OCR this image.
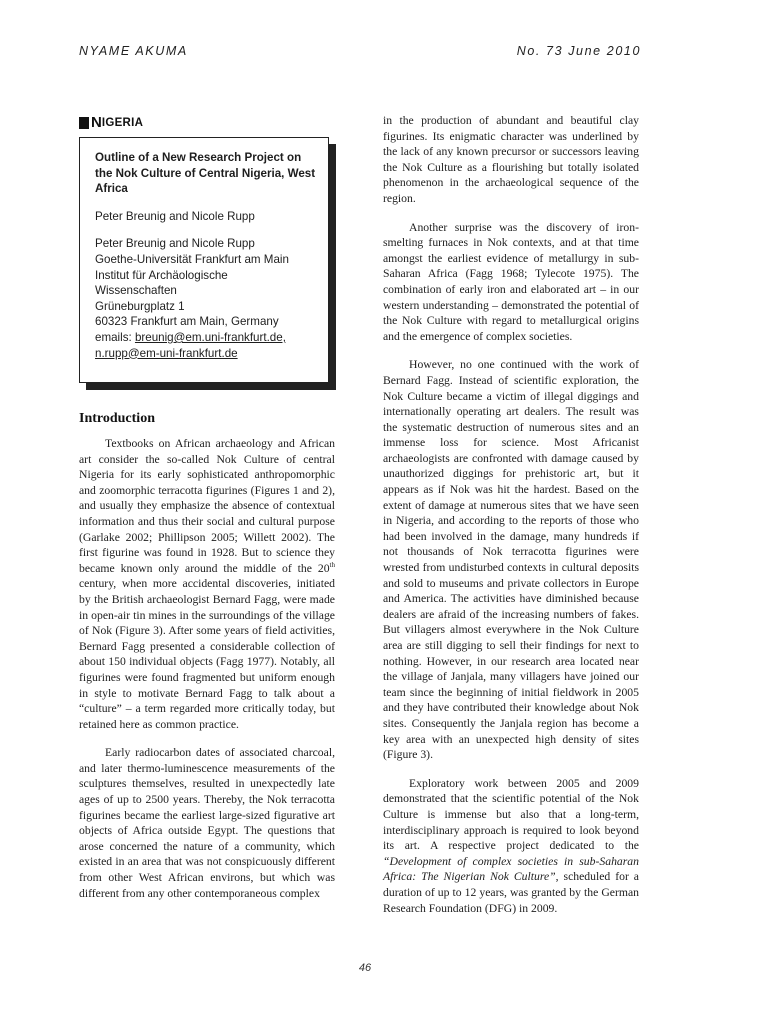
NYAME AKUMA	No. 73 June 2010
N IGERIA

Outline of a New Research Project on the Nok Culture of Central Nigeria, West Africa

Peter Breunig and Nicole Rupp

Peter Breunig and Nicole Rupp

Goethe-Universität Frankfurt am Main

Institut für Archäologische

Wissenschaften

Grüneburgplatz 1

60323 Frankfurt am Main, Germany

emails: breunig@em.uni-frankfurt.de,

n.rupp@em-uni-frankfurt.de

Introduction

Textbooks on African archaeology and African art consider the so-called Nok Culture of central Nigeria for its early sophisticated anthropomorphic and zoomorphic terracotta figurines (Figures 1 and 2), and usually they emphasize the absence of contextual information and thus their social and cultural purpose (Garlake 2002; Phillipson 2005; Willett 2002). The first figurine was found in 1928. But to science they became known only around the middle of the 20th century, when more accidental discoveries, initiated by the British archaeologist Bernard Fagg, were made in open-air tin mines in the surroundings of the village of Nok (Figure 3). After some years of field activities, Bernard Fagg presented a considerable collection of about 150 individual objects (Fagg 1977). Notably, all figurines were found fragmented but uniform enough in style to motivate Bernard Fagg to talk about a “culture” – a term regarded more critically today, but retained here as common practice.

Early radiocarbon dates of associated charcoal, and later thermo-luminescence measurements of the sculptures themselves, resulted in unexpectedly late ages of up to 2500 years. Thereby, the Nok terracotta figurines became the earliest large-sized figurative art objects of Africa outside Egypt. The questions that arose concerned the nature of a community, which existed in an area that was not conspicuously different from other West African environs, but which was different from any other contemporaneous complex

in the production of abundant and beautiful clay figurines. Its enigmatic character was underlined by the lack of any known precursor or successors leaving the Nok Culture as a flourishing but totally isolated phenomenon in the archaeological sequence of the region.

Another surprise was the discovery of iron-smelting furnaces in Nok contexts, and at that time amongst the earliest evidence of metallurgy in sub-Saharan Africa (Fagg 1968; Tylecote 1975). The combination of early iron and elaborated art – in our western understanding – demonstrated the potential of the Nok Culture with regard to metallurgical origins and the emergence of complex societies.

However, no one continued with the work of Bernard Fagg. Instead of scientific exploration, the Nok Culture became a victim of illegal diggings and internationally operating art dealers. The result was the systematic destruction of numerous sites and an immense loss for science. Most Africanist archaeologists are confronted with damage caused by unauthorized diggings for prehistoric art, but it appears as if Nok was hit the hardest. Based on the extent of damage at numerous sites that we have seen in Nigeria, and according to the reports of those who had been involved in the damage, many hundreds if not thousands of Nok terracotta figurines were wrested from undisturbed contexts in cultural deposits and sold to museums and private collectors in Europe and America. The activities have diminished because dealers are afraid of the increasing numbers of fakes. But villagers almost everywhere in the Nok Culture area are still digging to sell their findings for next to nothing. However, in our research area located near the village of Janjala, many villagers have joined our team since the beginning of initial fieldwork in 2005 and they have contributed their knowledge about Nok sites. Consequently the Janjala region has become a key area with an unexpected high density of sites (Figure 3).

Exploratory work between 2005 and 2009 demonstrated that the scientific potential of the Nok Culture is immense but also that a long-term, interdisciplinary approach is required to look beyond its art. A respective project dedicated to the “Development of complex societies in sub-Saharan Africa: The Nigerian Nok Culture”, scheduled for a duration of up to 12 years, was granted by the German Research Foundation (DFG) in 2009.

46
